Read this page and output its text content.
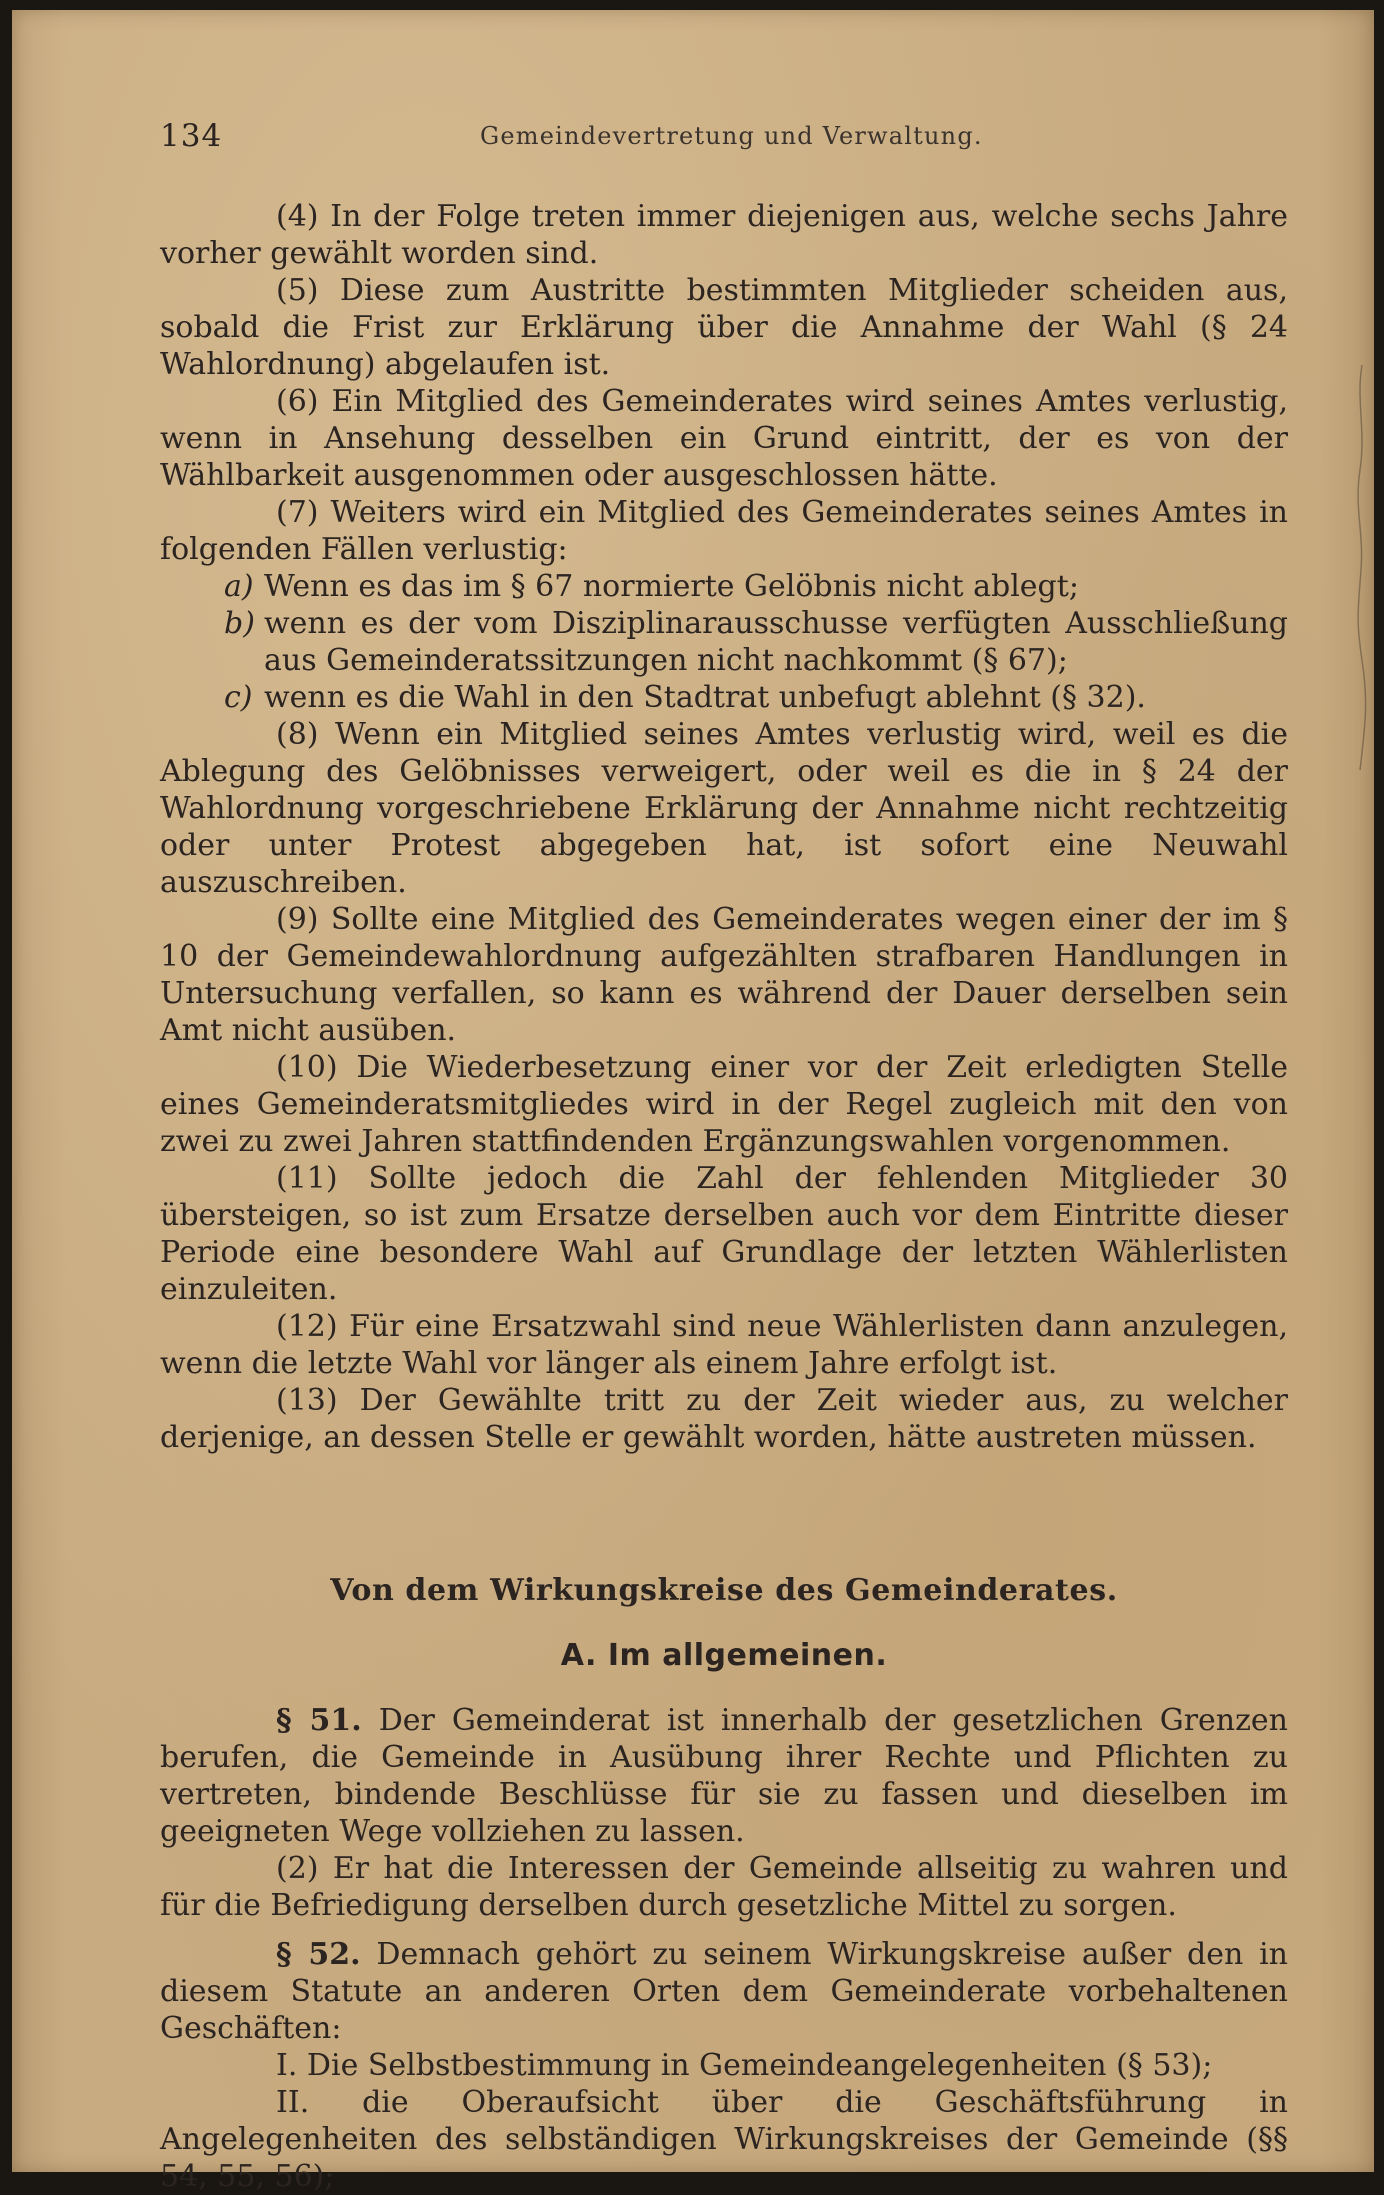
134	Gemeindevertretung und Verwaltung.

(4) In der Folge treten immer diejenigen aus, welche sechs Jahre vorher gewählt worden sind.

(5) Diese zum Austritte bestimmten Mitglieder scheiden aus, sobald die Frist zur Erklärung über die Annahme der Wahl (§ 24 Wahlordnung) abgelaufen ist.

(6) Ein Mitglied des Gemeinderates wird seines Amtes verlustig, wenn in Ansehung desselben ein Grund eintritt, der es von der Wählbarkeit ausgenommen oder ausgeschlossen hätte.

(7) Weiters wird ein Mitglied des Gemeinderates seines Amtes in folgenden Fällen verlustig:

a) Wenn es das im § 67 normierte Gelöbnis nicht ablegt;

b) wenn es der vom Disziplinarausschusse verfügten Ausschließung aus Gemeinderatssitzungen nicht nachkommt (§ 67);

c) wenn es die Wahl in den Stadtrat unbefugt ablehnt (§ 32).

(8) Wenn ein Mitglied seines Amtes verlustig wird, weil es die Ablegung des Gelöbnisses verweigert, oder weil es die in § 24 der Wahlordnung vorgeschriebene Erklärung der Annahme nicht rechtzeitig oder unter Protest abgegeben hat, ist sofort eine Neuwahl auszuschreiben.

(9) Sollte eine Mitglied des Gemeinderates wegen einer der im § 10 der Gemeindewahlordnung aufgezählten strafbaren Handlungen in Untersuchung verfallen, so kann es während der Dauer derselben sein Amt nicht ausüben.

(10) Die Wiederbesetzung einer vor der Zeit erledigten Stelle eines Gemeinderatsmitgliedes wird in der Regel zugleich mit den von zwei zu zwei Jahren stattfindenden Ergänzungswahlen vorgenommen.

(11) Sollte jedoch die Zahl der fehlenden Mitglieder 30 übersteigen, so ist zum Ersatze derselben auch vor dem Eintritte dieser Periode eine besondere Wahl auf Grundlage der letzten Wählerlisten einzuleiten.

(12) Für eine Ersatzwahl sind neue Wählerlisten dann anzulegen, wenn die letzte Wahl vor länger als einem Jahre erfolgt ist.

(13) Der Gewählte tritt zu der Zeit wieder aus, zu welcher derjenige, an dessen Stelle er gewählt worden, hätte austreten müssen.

Von dem Wirkungskreise des Gemeinderates.
A. Im allgemeinen.

§ 51. Der Gemeinderat ist innerhalb der gesetzlichen Grenzen berufen, die Gemeinde in Ausübung ihrer Rechte und Pflichten zu vertreten, bindende Beschlüsse für sie zu fassen und dieselben im geeigneten Wege vollziehen zu lassen.

(2) Er hat die Interessen der Gemeinde allseitig zu wahren und für die Befriedigung derselben durch gesetzliche Mittel zu sorgen.

§ 52. Demnach gehört zu seinem Wirkungskreise außer den in diesem Statute an anderen Orten dem Gemeinderate vorbehaltenen Geschäften:

I. Die Selbstbestimmung in Gemeindeangelegenheiten (§ 53);

II. die Oberaufsicht über die Geschäftsführung in Angelegenheiten des selbständigen Wirkungskreises der Gemeinde (§§ 54, 55, 56);
